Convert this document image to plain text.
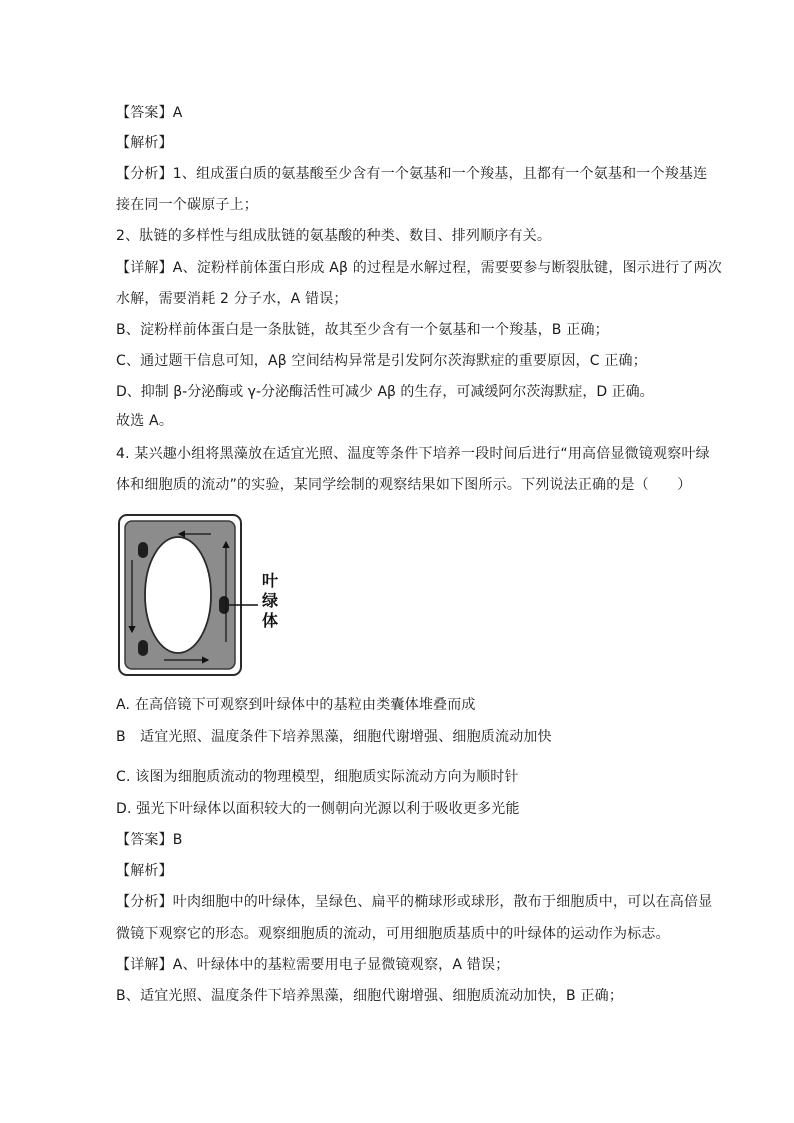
【答案】A
【解析】
【分析】1、组成蛋白质的氨基酸至少含有一个氨基和一个羧基，且都有一个氨基和一个羧基连
接在同一个碳原子上；
2、肽链的多样性与组成肽链的氨基酸的种类、数目、排列顺序有关。
【详解】A、淀粉样前体蛋白形成 Aβ 的过程是水解过程，需要要参与断裂肽键，图示进行了两次
水解，需要消耗 2 分子水，A 错误；
B、淀粉样前体蛋白是一条肽链，故其至少含有一个氨基和一个羧基，B 正确；
C、通过题干信息可知，Aβ 空间结构异常是引发阿尔茨海默症的重要原因，C 正确；
D、抑制 β-分泌酶或 γ-分泌酶活性可减少 Aβ 的生存，可减缓阿尔茨海默症，D 正确。
故选 A。
4. 某兴趣小组将黑藻放在适宜光照、温度等条件下培养一段时间后进行“用高倍显微镜观察叶绿
体和细胞质的流动”的实验，某同学绘制的观察结果如下图所示。下列说法正确的是（　　）
叶
绿
体
A. 在高倍镜下可观察到叶绿体中的基粒由类囊体堆叠而成
B　适宜光照、温度条件下培养黑藻，细胞代谢增强、细胞质流动加快
C. 该图为细胞质流动的物理模型，细胞质实际流动方向为顺时针
D. 强光下叶绿体以面积较大的一侧朝向光源以利于吸收更多光能
【答案】B
【解析】
【分析】叶肉细胞中的叶绿体，呈绿色、扁平的椭球形或球形，散布于细胞质中，可以在高倍显
微镜下观察它的形态。观察细胞质的流动，可用细胞质基质中的叶绿体的运动作为标志。
【详解】A、叶绿体中的基粒需要用电子显微镜观察，A 错误；
B、适宜光照、温度条件下培养黑藻，细胞代谢增强、细胞质流动加快，B 正确；
